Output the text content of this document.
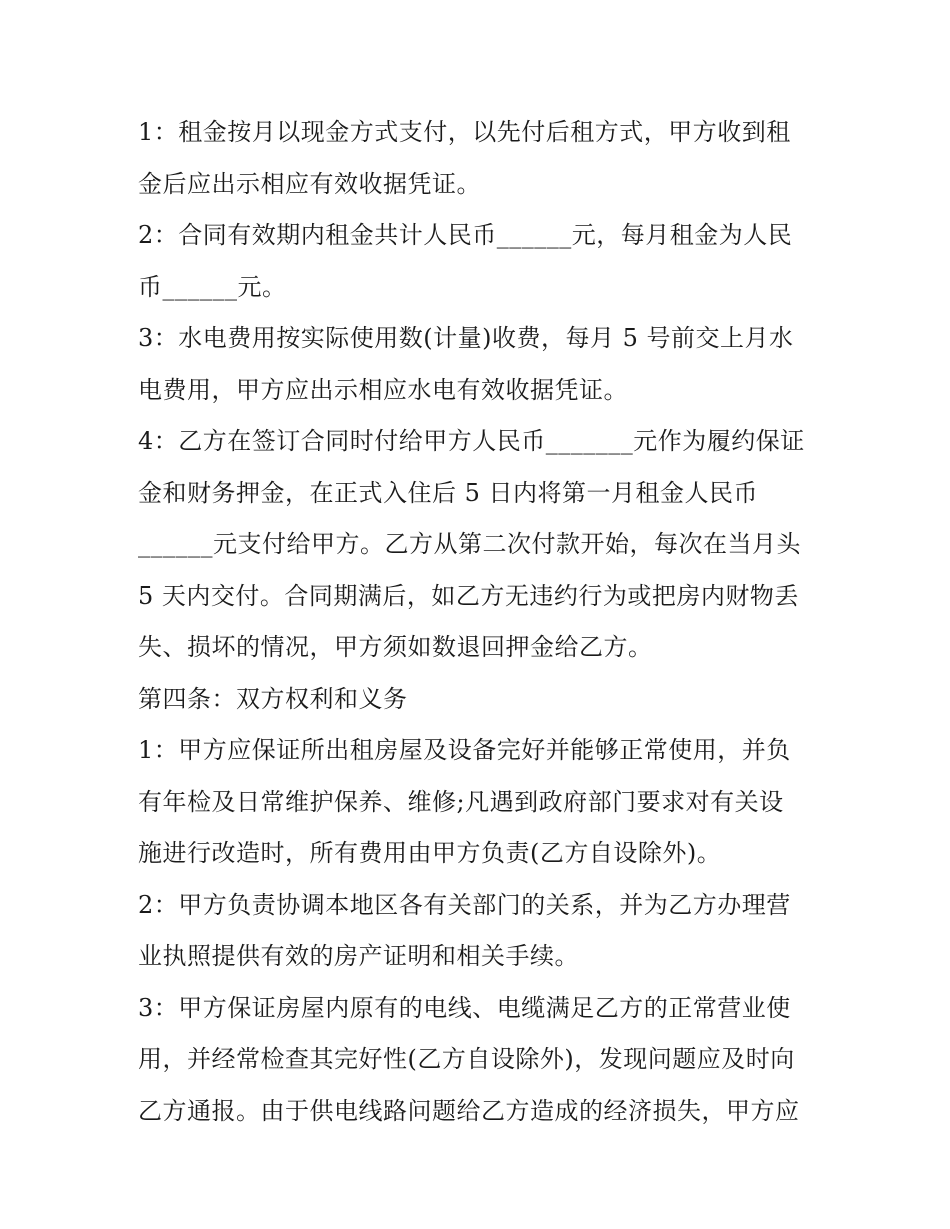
1：租金按月以现金方式支付，以先付后租方式，甲方收到租
金后应出示相应有效收据凭证。
2：合同有效期内租金共计人民币______元，每月租金为人民
币______元。
3：水电费用按实际使用数(计量)收费，每月 5 号前交上月水
电费用，甲方应出示相应水电有效收据凭证。
4：乙方在签订合同时付给甲方人民币_______元作为履约保证
金和财务押金，在正式入住后 5 日内将第一月租金人民币
______元支付给甲方。乙方从第二次付款开始，每次在当月头
5 天内交付。合同期满后，如乙方无违约行为或把房内财物丢
失、损坏的情况，甲方须如数退回押金给乙方。
第四条：双方权利和义务
1：甲方应保证所出租房屋及设备完好并能够正常使用，并负
有年检及日常维护保养、维修;凡遇到政府部门要求对有关设
施进行改造时，所有费用由甲方负责(乙方自设除外)。
2：甲方负责协调本地区各有关部门的关系，并为乙方办理营
业执照提供有效的房产证明和相关手续。
3：甲方保证房屋内原有的电线、电缆满足乙方的正常营业使
用，并经常检查其完好性(乙方自设除外)，发现问题应及时向
乙方通报。由于供电线路问题给乙方造成的经济损失，甲方应
